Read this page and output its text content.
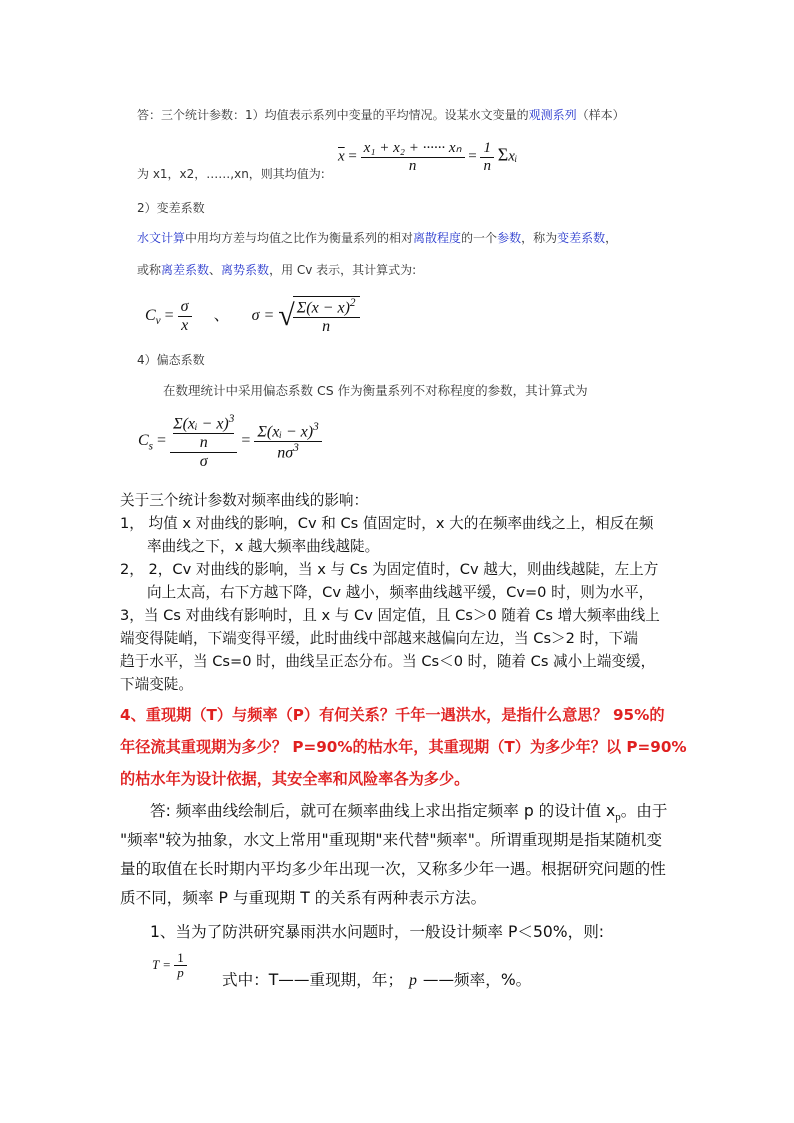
答：三个统计参数：1）均值表示系列中变量的平均情况。设某水文变量的观测系列（样本）
为 x1，x2，……,xn，则其均值为:
$\overline{x} = \frac{\text{x₁ + x₂ + ······ xₙ}}{n} = \frac{1}{n}$ Σxᵢ
2）变差系数
水文计算中用均方差与均值之比作为衡量系列的相对离散程度的一个参数，称为变差系数，
或称离差系数、离势系数，用 Cv 表示，其计算式为:
$C_v = \frac{\sigma}{x}$ 、 σ = √
$\frac{\Sigma(x - x)^2}{n}$
4）偏态系数
在数理统计中采用偏态系数 CS 作为衡量系列不对称程度的参数，其计算式为
$C_s$ = Σ(xᵢ − x)$^3$
n
$\sigma = \frac{\Sigma(xᵢ - x)^3}{n\sigma^3}$
关于三个统计参数对频率曲线的影响：
1， 均值 x 对曲线的影响，Cv 和 Cs 值固定时，x 大的在频率曲线之上，相反在频
率曲线之下，x 越大频率曲线越陡。
2， 2，Cv 对曲线的影响，当 x 与 Cs 为固定值时，Cv 越大，则曲线越陡，左上方
向上太高，右下方越下降，Cv 越小，频率曲线越平缓，Cv=0 时，则为水平，
3，当 Cs 对曲线有影响时，且 x 与 Cv 固定值，且 Cs＞0 随着 Cs 增大频率曲线上
端变得陡峭，下端变得平缓，此时曲线中部越来越偏向左边，当 Cs＞2 时，下端
趋于水平，当 Cs=0 时，曲线呈正态分布。当 Cs＜0 时，随着 Cs 减小上端变缓，
下端变陡。
4、重现期（T）与频率（P）有何关系？千年一遇洪水，是指什么意思？ 95%的
年径流其重现期为多少？ P=90%的枯水年，其重现期（T）为多少年？以 P=90%
的枯水年为设计依据，其安全率和风险率各为多少。
答: 频率曲线绘制后，就可在频率曲线上求出指定频率 p 的设计值 $x_p$。由于
"频率"较为抽象，水文上常用"重现期"来代替"频率"。所谓重现期是指某随机变
量的取值在长时期内平均多少年出现一次，又称多少年一遇。根据研究问题的性
质不同，频率 P 与重现期 T 的关系有两种表示方法。
1、当为了防洪研究暴雨洪水问题时，一般设计频率 P＜50%，则:
$T = \frac{1}{p}$ 式中：T——重现期，年； p ——频率，%。
